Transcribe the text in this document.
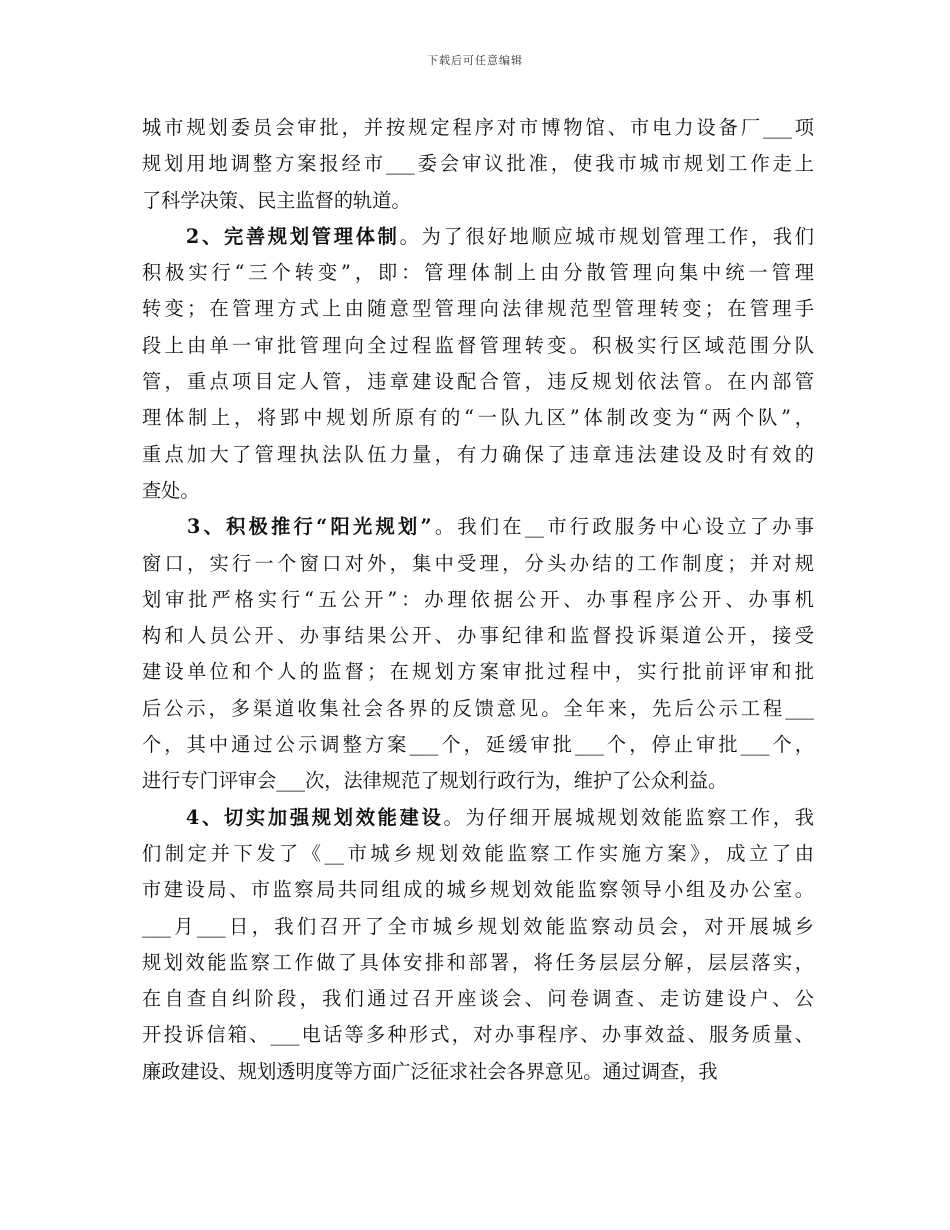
下载后可任意编辑
城市规划委员会审批，并按规定程序对市博物馆、市电力设备厂___项
规划用地调整方案报经市___委会审议批准，使我市城市规划工作走上
了科学决策、民主监督的轨道。
　　2、完善规划管理体制。为了很好地顺应城市规划管理工作，我们
积极实行“三个转变”，即：管理体制上由分散管理向集中统一管理
转变；在管理方式上由随意型管理向法律规范型管理转变；在管理手
段上由单一审批管理向全过程监督管理转变。积极实行区域范围分队
管，重点项目定人管，违章建设配合管，违反规划依法管。在内部管
理体制上，将郢中规划所原有的“一队九区”体制改变为“两个队”，
重点加大了管理执法队伍力量，有力确保了违章违法建设及时有效的
查处。
　　3、积极推行“阳光规划”。我们在__市行政服务中心设立了办事
窗口，实行一个窗口对外，集中受理，分头办结的工作制度；并对规
划审批严格实行“五公开”：办理依据公开、办事程序公开、办事机
构和人员公开、办事结果公开、办事纪律和监督投诉渠道公开，接受
建设单位和个人的监督；在规划方案审批过程中，实行批前评审和批
后公示，多渠道收集社会各界的反馈意见。全年来，先后公示工程___
个，其中通过公示调整方案___个，延缓审批___个，停止审批___个，
进行专门评审会___次，法律规范了规划行政行为，维护了公众利益。
　　4、切实加强规划效能建设。为仔细开展城规划效能监察工作，我
们制定并下发了《__市城乡规划效能监察工作实施方案》，成立了由
市建设局、市监察局共同组成的城乡规划效能监察领导小组及办公室。
___月___日，我们召开了全市城乡规划效能监察动员会，对开展城乡
规划效能监察工作做了具体安排和部署，将任务层层分解，层层落实，
在自查自纠阶段，我们通过召开座谈会、问卷调查、走访建设户、公
开投诉信箱、___电话等多种形式，对办事程序、办事效益、服务质量、
廉政建设、规划透明度等方面广泛征求社会各界意见。通过调查，我
